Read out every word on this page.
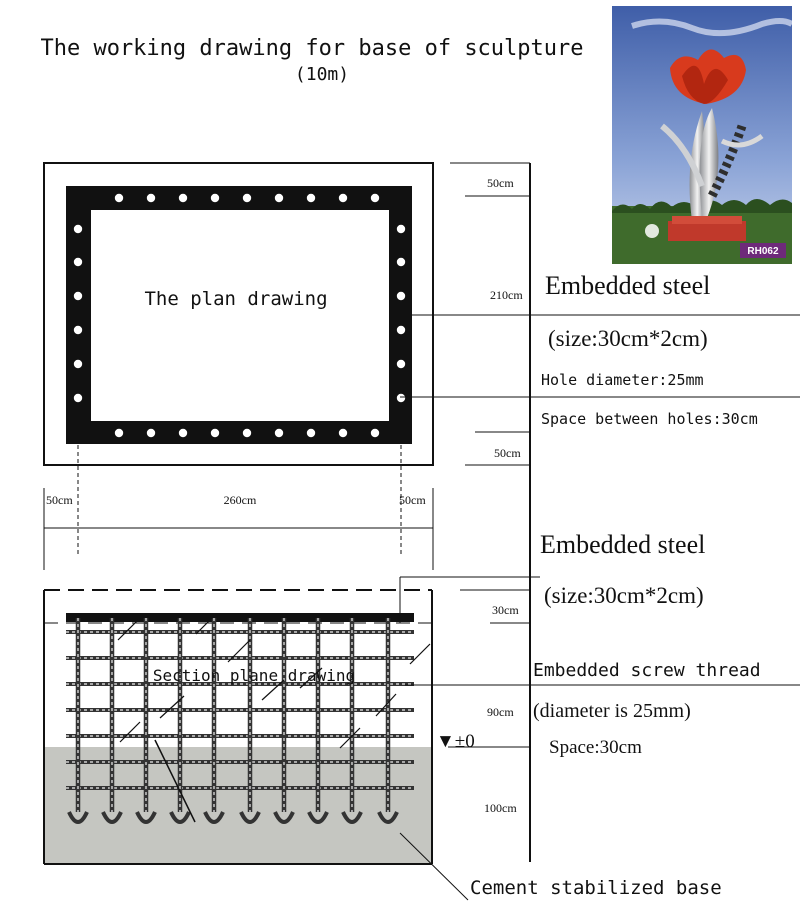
The working drawing for base of sculpture
(10m)
The plan drawing
50cm
210cm
50cm
30cm
90cm
100cm
50cm	260cm	50cm
Embedded steel
(size:30cm*2cm)
Hole diameter:25mm
Space between holes:30cm
Section plane drawing
▼±0
Embedded steel
(size:30cm*2cm)
Embedded screw thread
(diameter is 25mm)
Space:30cm
Cement stabilized base
RH062
